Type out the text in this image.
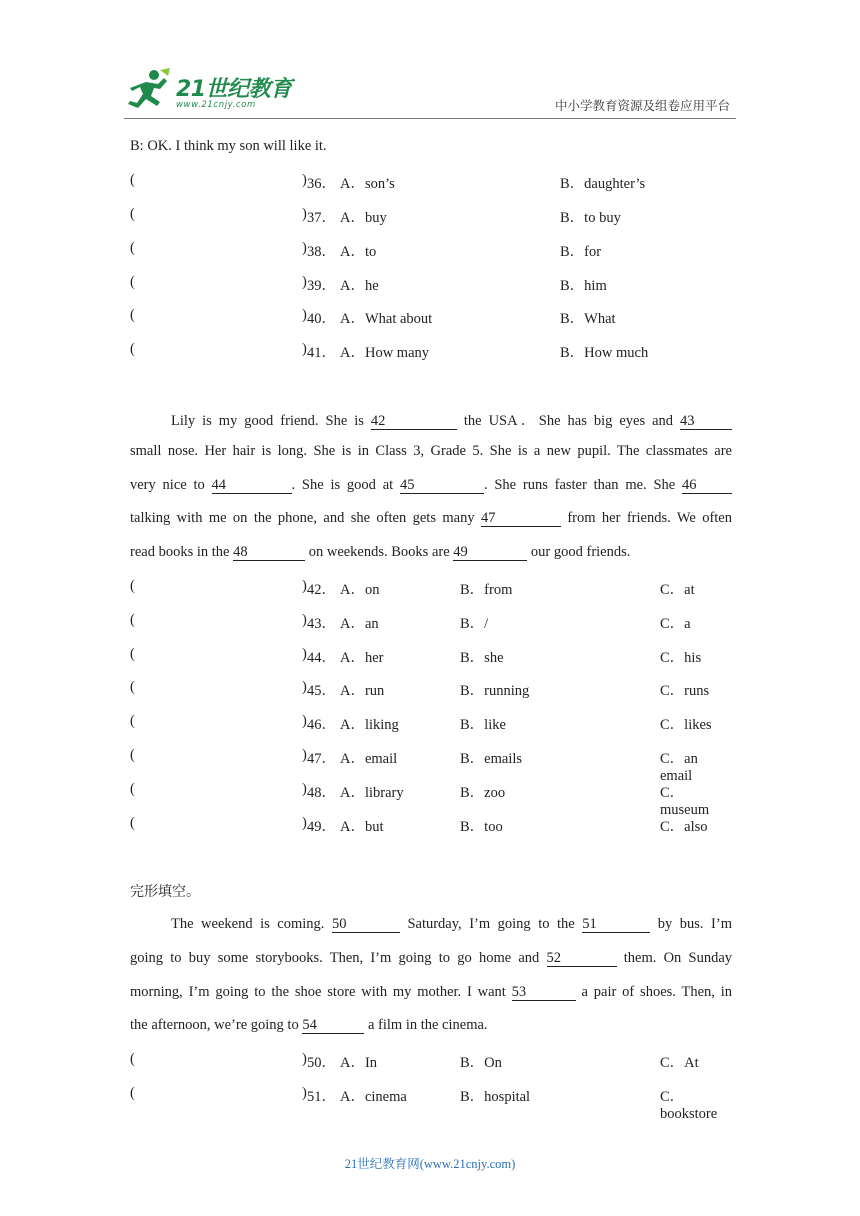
21世纪教育
www.21cnjy.com	中小学教育资源及组卷应用平台
B: OK. I think my son will like it.
(	) 36． A．son’s	B．daughter’s
(	) 37． A．buy	B．to buy
(	) 38． A．to	B．for
(	) 39． A．he	B．him
(	) 40． A．What about	B．What
(	) 41． A．How many	B．How much
Lily is my good friend. She is 42	the USA．She has big eyes and 43
small nose. Her hair is long. She is in Class 3, Grade 5. She is a new pupil. The classmates are
very nice to 44	. She is good at 45	. She runs faster than me. She 46
talking with me on the phone, and she often gets many 47	from her friends. We often
read books in the 48	on weekends. Books are 49	our good friends.
(	) 42． A．on	B．from	C．at
(	) 43． A．an	B．/	C．a
(	) 44． A．her	B．she	C．his
(	) 45． A．run	B．running	C．runs
(	) 46． A．liking	B．like	C．likes
(	) 47． A．email	B．emails	C．an email
(	) 48． A．library	B．zoo	C．museum
(	) 49． A．but	B．too	C．also
完形填空。
The weekend is coming. 50	Saturday, I’m going to the 51	by bus. I’m
going to buy some storybooks. Then, I’m going to go home and 52	them. On Sunday
morning, I’m going to the shoe store with my mother. I want 53	a pair of shoes. Then, in
the afternoon, we’re going to 54	a film in the cinema.
(	) 50． A．In	B．On	C．At
(	) 51． A．cinema	B．hospital	C．bookstore
21世纪教育网(www.21cnjy.com)
